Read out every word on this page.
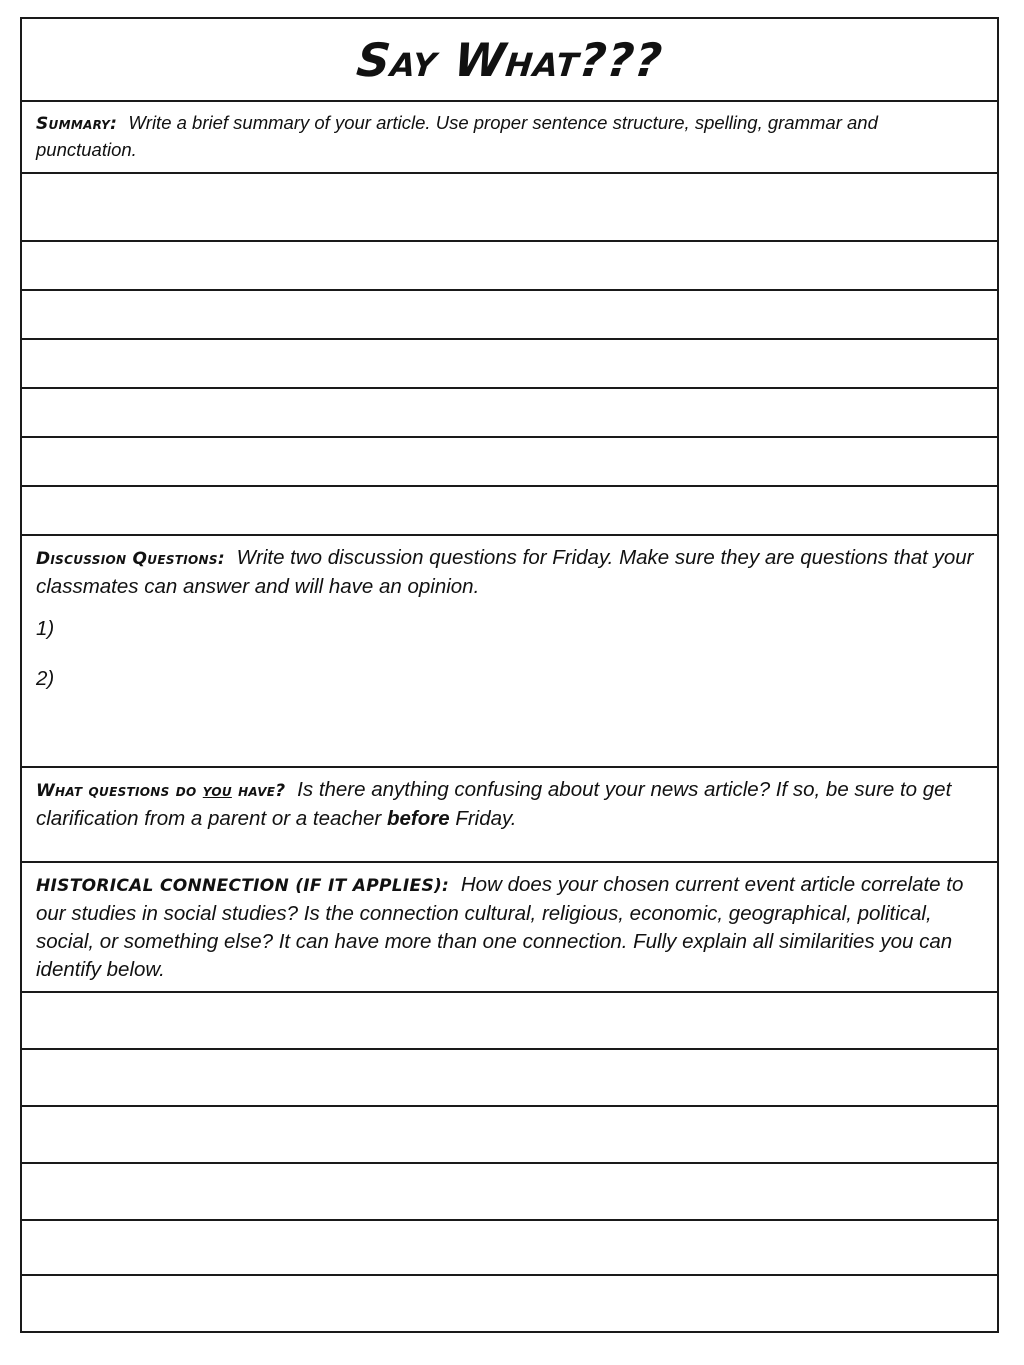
Say What???
Summary: Write a brief summary of your article. Use proper sentence structure, spelling, grammar and punctuation.
Discussion Questions: Write two discussion questions for Friday. Make sure they are questions that your classmates can answer and will have an opinion.
1)
2)
What questions do you have? Is there anything confusing about your news article? If so, be sure to get clarification from a parent or a teacher before Friday.
HISTORICAL CONNECTION (IF IT APPLIES): How does your chosen current event article correlate to our studies in social studies? Is the connection cultural, religious, economic, geographical, political, social, or something else? It can have more than one connection. Fully explain all similarities you can identify below.
